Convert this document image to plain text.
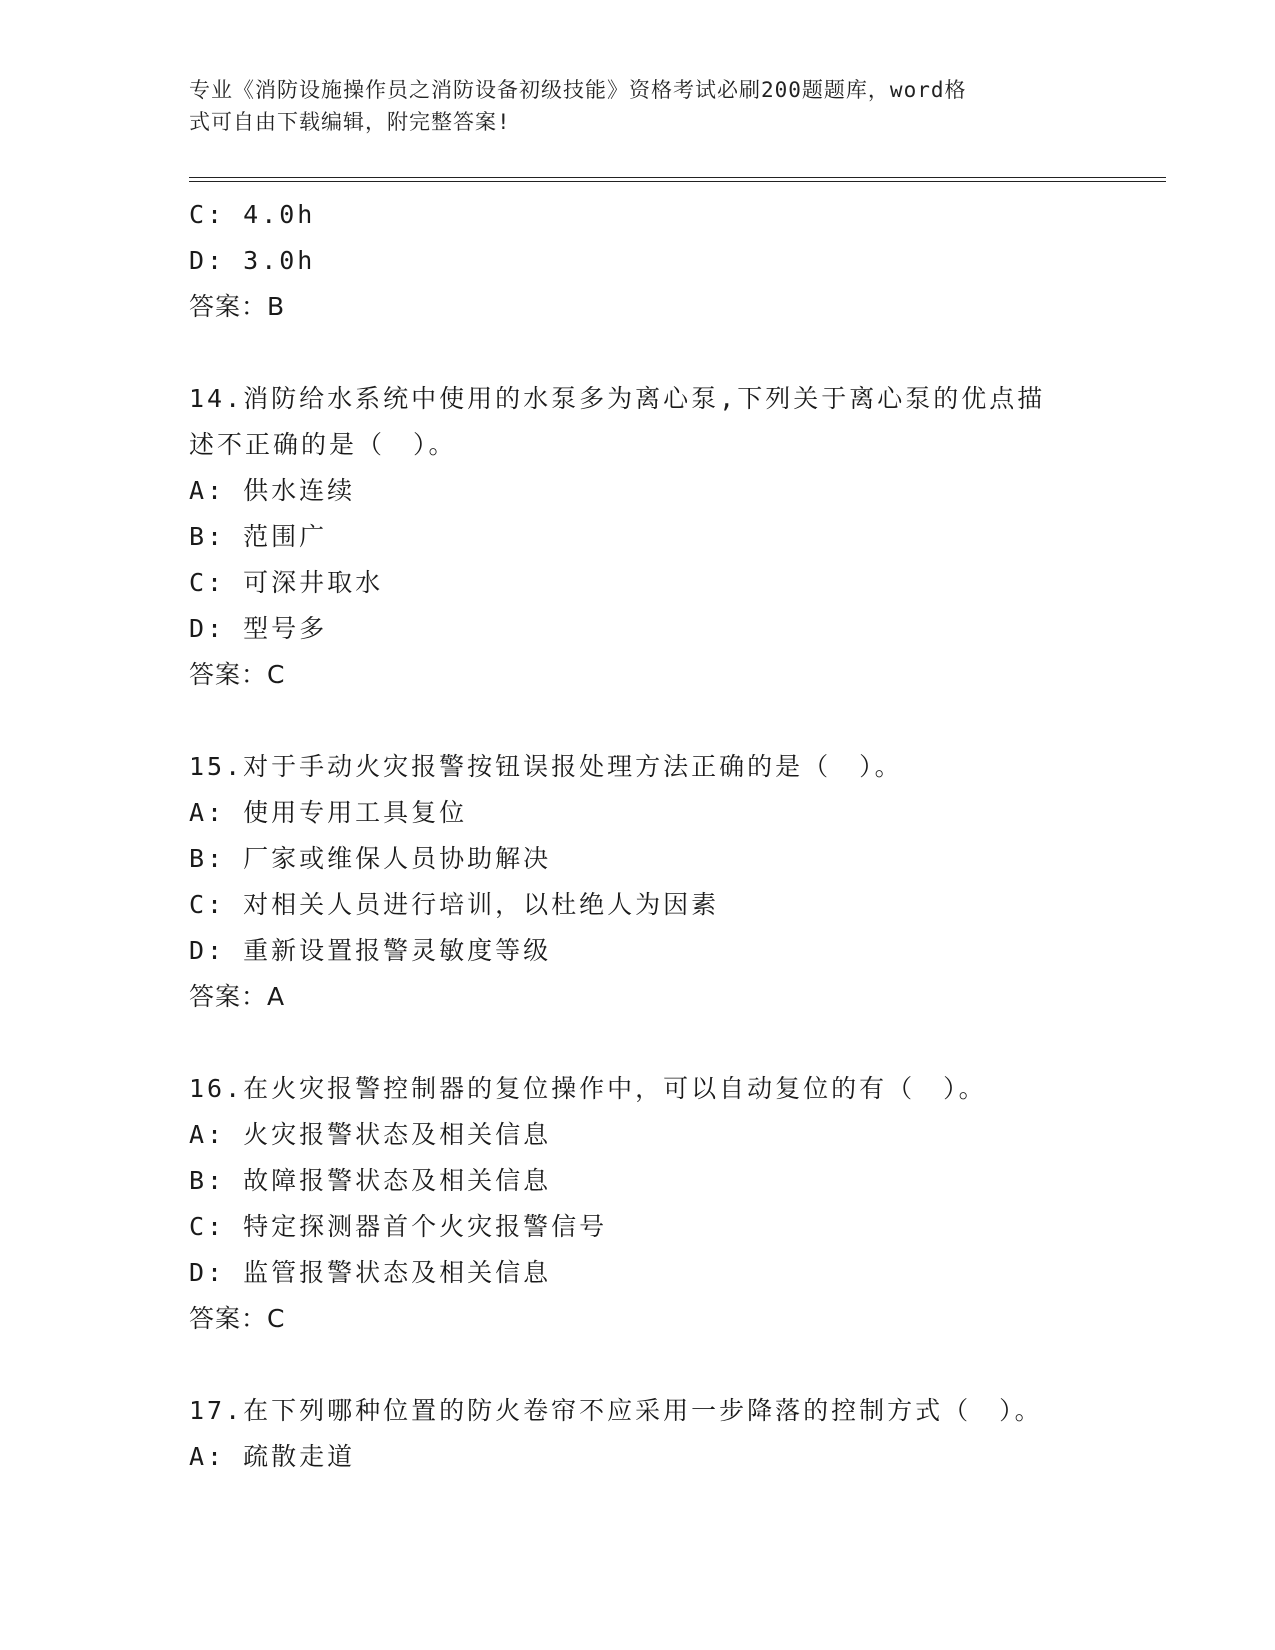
专业《消防设施操作员之消防设备初级技能》资格考试必刷200题题库，word格
式可自由下载编辑，附完整答案!
C: 4.0h
D: 3.0h
答案：B
14.消防给水系统中使用的水泵多为离心泵,下列关于离心泵的优点描
述不正确的是（　）。
A: 供水连续
B: 范围广
C: 可深井取水
D: 型号多
答案：C
15.对于手动火灾报警按钮误报处理方法正确的是（　）。
A: 使用专用工具复位
B: 厂家或维保人员协助解决
C: 对相关人员进行培训，以杜绝人为因素
D: 重新设置报警灵敏度等级
答案：A
16.在火灾报警控制器的复位操作中，可以自动复位的有（　）。
A: 火灾报警状态及相关信息
B: 故障报警状态及相关信息
C: 特定探测器首个火灾报警信号
D: 监管报警状态及相关信息
答案：C
17.在下列哪种位置的防火卷帘不应采用一步降落的控制方式（　）。
A: 疏散走道
